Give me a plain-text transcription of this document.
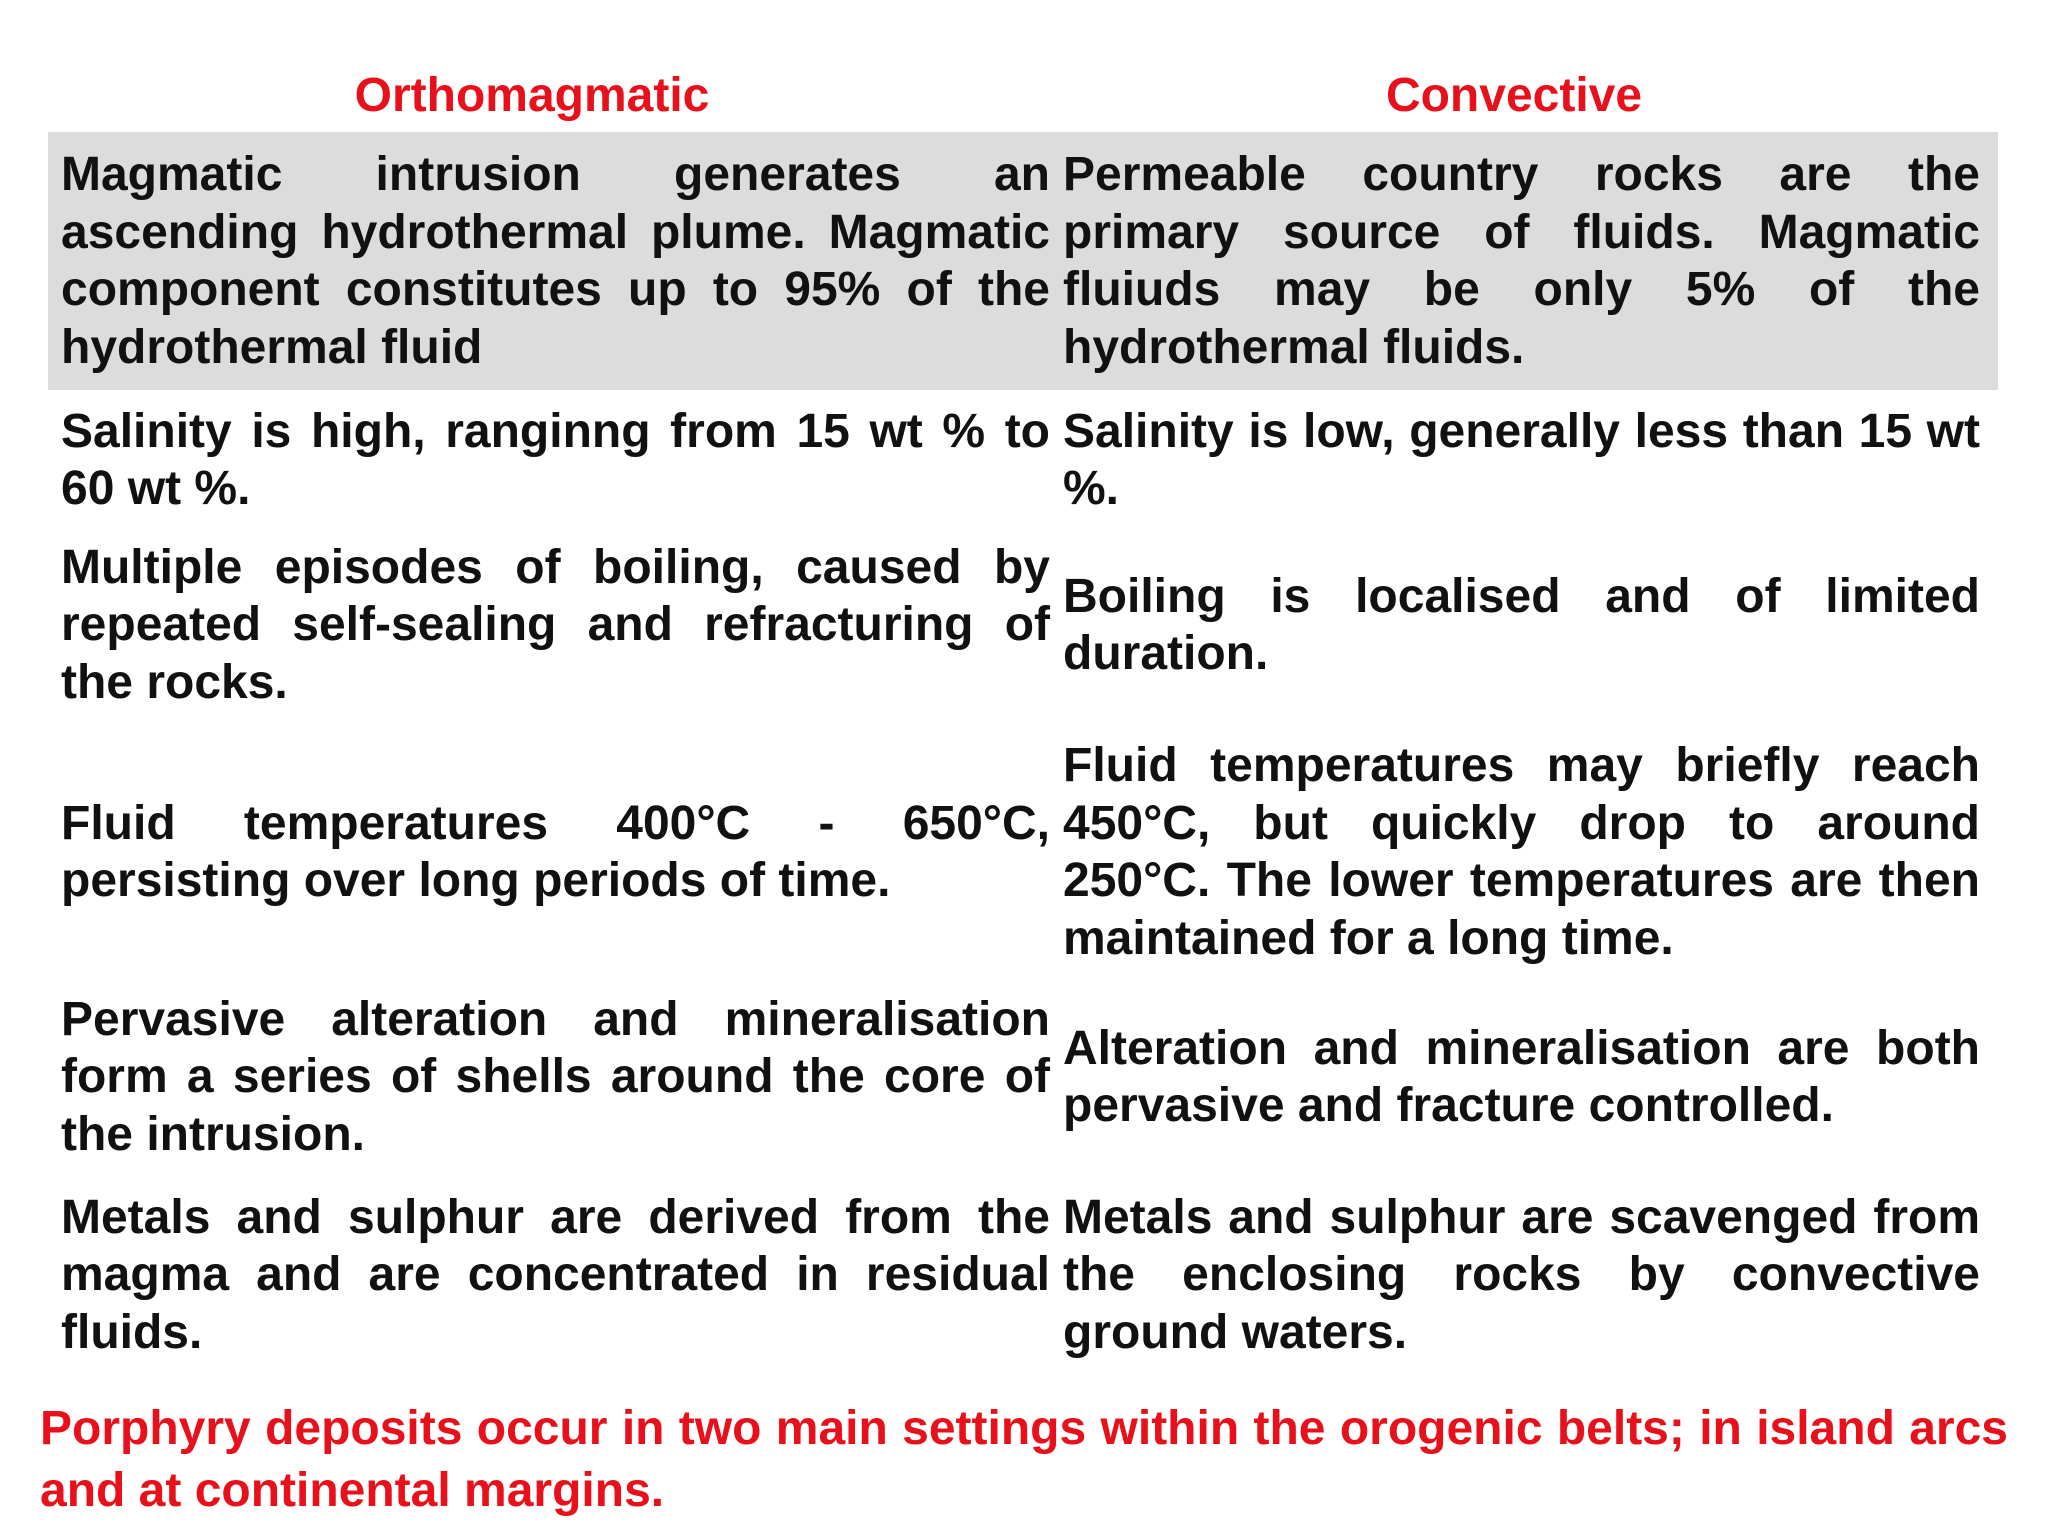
Orthomagmatic	Convective
Magmatic intrusion generates an ascending hydrothermal plume. Magmatic component constitutes up to 95% of the hydrothermal fluid
Permeable country rocks are the primary source of fluids. Magmatic fluiuds may be only 5% of the hydrothermal fluids.
Salinity is high, ranginng from 15 wt % to 60 wt %.
Salinity is low, generally less than 15 wt %.
Multiple episodes of boiling, caused by repeated self-sealing and refracturing of the rocks.
Boiling is localised and of limited duration.
Fluid temperatures 400°C - 650°C, persisting over long periods of time.
Fluid temperatures may briefly reach 450°C, but quickly drop to around 250°C. The lower temperatures are then maintained for a long time.
Pervasive alteration and mineralisation form a series of shells around the core of the intrusion.
Alteration and mineralisation are both pervasive and fracture controlled.
Metals and sulphur are derived from the magma and are concentrated in residual fluids.
Metals and sulphur are scavenged from the enclosing rocks by convective ground waters.
Porphyry deposits occur in two main settings within the orogenic belts; in island arcs and at continental margins.
